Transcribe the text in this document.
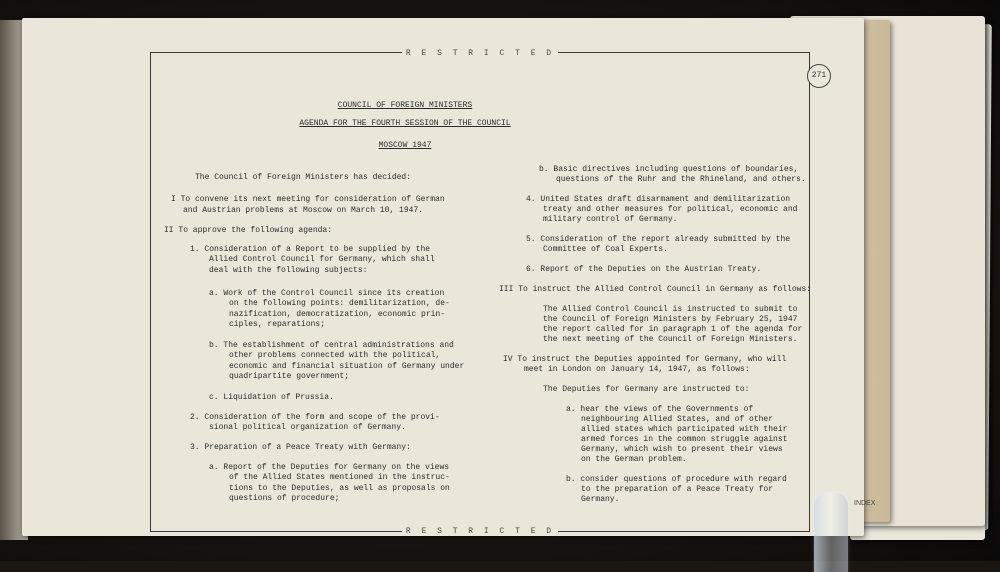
R E S T R I C T E D
R E S T R I C T E D
COUNCIL OF FOREIGN MINISTERS
AGENDA FOR THE FOURTH SESSION OF THE COUNCIL
MOSCOW 1947
The Council of Foreign Ministers has decided:
I To convene its next meeting for consideration of German
and Austrian problems at Moscow on March 10, 1947.
II To approve the following agenda:
1. Consideration of a Report to be supplied by the
Allied Control Council for Germany, which shall
deal with the following subjects:
a. Work of the Control Council since its creation
on the following points: demilitarization, de-
nazification, democratization, economic prin-
ciples, reparations;
b. The establishment of central administrations and
other problems connected with the political,
economic and financial situation of Germany under
quadripartite government;
c. Liquidation of Prussia.
2. Consideration of the form and scope of the provi-
sional political organization of Germany.
3. Preparation of a Peace Treaty with Germany:
a. Report of the Deputies for Germany on the views
of the Allied States mentioned in the instruc-
tions to the Deputies, as well as proposals on
questions of procedure;
b. Basic directives including questions of boundaries,
questions of the Ruhr and the Rhineland, and others.
4. United States draft disarmament and demilitarization
treaty and other measures for political, economic and
military control of Germany.
5. Consideration of the report already submitted by the
Committee of Coal Experts.
6. Report of the Deputies on the Austrian Treaty.
III To instruct the Allied Control Council in Germany as follows:
The Allied Control Council is instructed to submit to
the Council of Foreign Ministers by February 25, 1947
the report called for in paragraph 1 of the agenda for
the next meeting of the Council of Foreign Ministers.
IV To instruct the Deputies appointed for Germany, who will
meet in London on January 14, 1947, as follows:
The Deputies for Germany are instructed to:
a. hear the views of the Governments of
neighbouring Allied States, and of other
allied states which participated with their
armed forces in the common struggle against
Germany, which wish to present their views
on the German problem.
b. consider questions of procedure with regard
to the preparation of a Peace Treaty for
Germany.
271
INDEX
